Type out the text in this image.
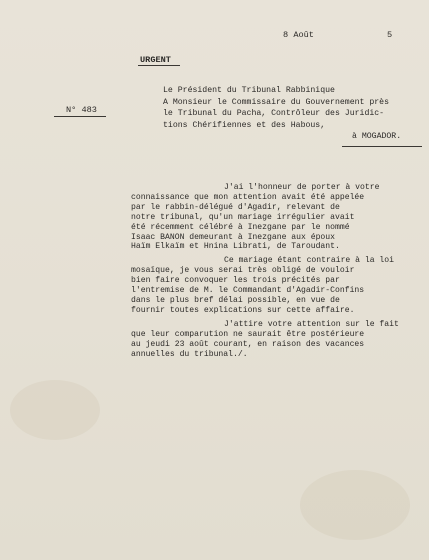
8 Août	5
URGENT
N° 483
Le Président du Tribunal Rabbinique
A Monsieur le Commissaire du Gouvernement près
le Tribunal du Pacha, Contrôleur des Juridic-
tions Chérifiennes et des Habous,
à MOGADOR.

J'ai l'honneur de porter à votre
connaissance que mon attention avait été appelée
par le rabbin-délégué d'Agadir, relevant de
notre tribunal, qu'un mariage irrégulier avait
été récemment célébré à Inezgane par le nommé
Isaac BANON demeurant à Inezgane aux époux
Haïm Elkaïm et Hnina Librati, de Taroudant.

Ce mariage étant contraire à la loi
mosaïque, je vous serai très obligé de vouloir
bien faire convoquer les trois précités par
l'entremise de M. le Commandant d'Agadir-Confins
dans le plus bref délai possible, en vue de
fournir toutes explications sur cette affaire.

J'attire votre attention sur le fait
que leur comparution ne saurait être postérieure
au jeudi 23 août courant, en raison des vacances
annuelles du tribunal./.
